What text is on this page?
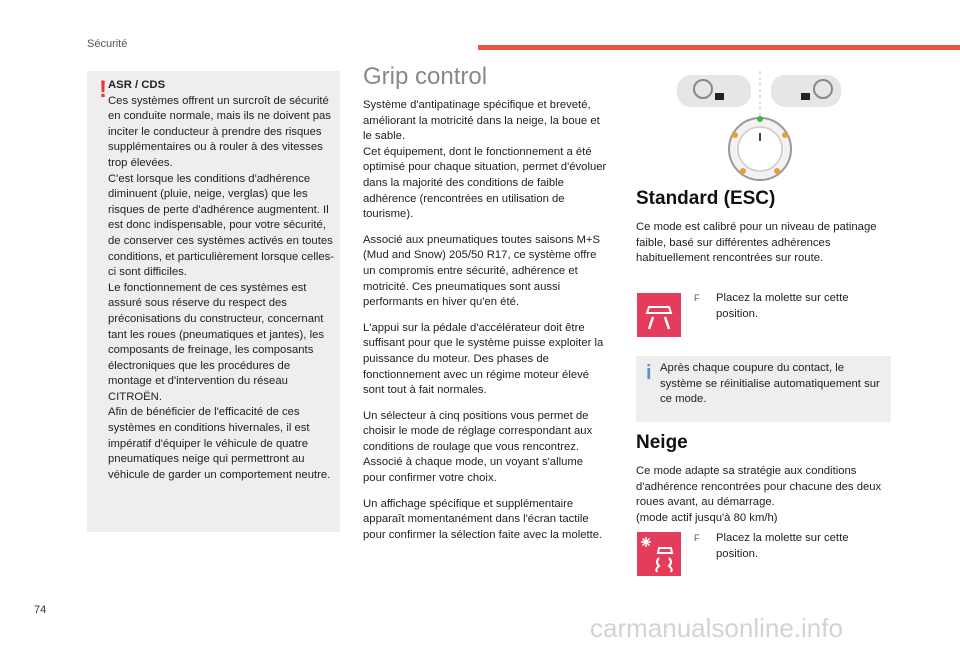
Sécurité
! ASR / CDS

Ces systèmes offrent un surcroît de sécurité en conduite normale, mais ils ne doivent pas inciter le conducteur à prendre des risques supplémentaires ou à rouler à des vitesses trop élevées.

C'est lorsque les conditions d'adhérence diminuent (pluie, neige, verglas) que les risques de perte d'adhérence augmentent. Il est donc indispensable, pour votre sécurité, de conserver ces systèmes activés en toutes conditions, et particulièrement lorsque celles-ci sont difficiles.

Le fonctionnement de ces systèmes est assuré sous réserve du respect des préconisations du constructeur, concernant tant les roues (pneumatiques et jantes), les composants de freinage, les composants électroniques que les procédures de montage et d'intervention du réseau CITROËN.

Afin de bénéficier de l'efficacité de ces systèmes en conditions hivernales, il est impératif d'équiper le véhicule de quatre pneumatiques neige qui permettront au véhicule de garder un comportement neutre.

Grip control

Système d'antipatinage spécifique et breveté, améliorant la motricité dans la neige, la boue et le sable.
Cet équipement, dont le fonctionnement a été optimisé pour chaque situation, permet d'évoluer dans la majorité des conditions de faible adhérence (rencontrées en utilisation de tourisme).

Associé aux pneumatiques toutes saisons M+S (Mud and Snow) 205/50 R17, ce système offre un compromis entre sécurité, adhérence et motricité. Ces pneumatiques sont aussi performants en hiver qu'en été.

L'appui sur la pédale d'accélérateur doit être suffisant pour que le système puisse exploiter la puissance du moteur. Des phases de fonctionnement avec un régime moteur élevé sont tout à fait normales.

Un sélecteur à cinq positions vous permet de choisir le mode de réglage correspondant aux conditions de roulage que vous rencontrez. Associé à chaque mode, un voyant s'allume pour confirmer votre choix.

Un affichage spécifique et supplémentaire apparaît momentanément dans l'écran tactile pour confirmer la sélection faite avec la molette.

Standard (ESC)
Ce mode est calibré pour un niveau de patinage faible, basé sur différentes adhérences habituellement rencontrées sur route.
F Placez la molette sur cette position.
i Après chaque coupure du contact, le système se réinitialise automatiquement sur ce mode.
Neige
Ce mode adapte sa stratégie aux conditions d'adhérence rencontrées pour chacune des deux roues avant, au démarrage.
(mode actif jusqu'à 80 km/h)
F Placez la molette sur cette position.
74
carmanualsonline.info
